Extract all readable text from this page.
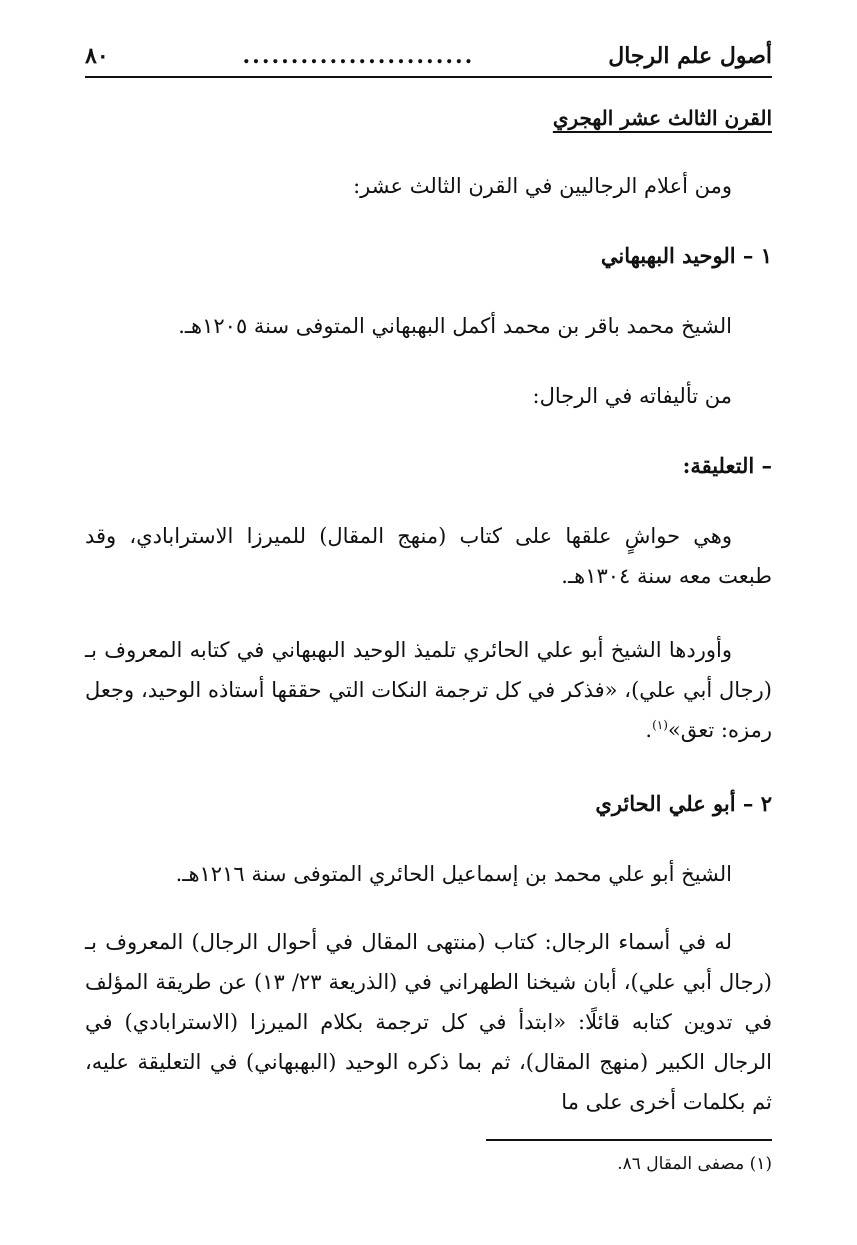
أصول علم الرجال
........................
٨٠
القرن الثالث عشر الهجري
ومن أعلام الرجاليين في القرن الثالث عشر:
١ – الوحيد البهبهاني
الشيخ محمد باقر بن محمد أكمل البهبهاني المتوفى سنة ١٢٠٥هـ.
من تأليفاته في الرجال:
– التعليقة:
وهي حواشٍ علقها على كتاب (منهج المقال) للميرزا الاسترابادي، وقد طبعت معه سنة ١٣٠٤هـ.
وأوردها الشيخ أبو علي الحائري تلميذ الوحيد البهبهاني في كتابه المعروف بـ (رجال أبي علي)، «فذكر في كل ترجمة النكات التي حققها أستاذه الوحيد، وجعل رمزه: تعق»$^{(١)}$.
٢ – أبو علي الحائري
الشيخ أبو علي محمد بن إسماعيل الحائري المتوفى سنة ١٢١٦هـ.
له في أسماء الرجال: كتاب (منتهى المقال في أحوال الرجال) المعروف بـ (رجال أبي علي)، أبان شيخنا الطهراني في (الذريعة ٢٣/ ١٣) عن طريقة المؤلف في تدوين كتابه قائلًا: «ابتدأ في كل ترجمة بكلام الميرزا (الاسترابادي) في الرجال الكبير (منهج المقال)، ثم بما ذكره الوحيد (البهبهاني) في التعليقة عليه، ثم بكلمات أخرى على ما
(١) مصفى المقال ٨٦.
